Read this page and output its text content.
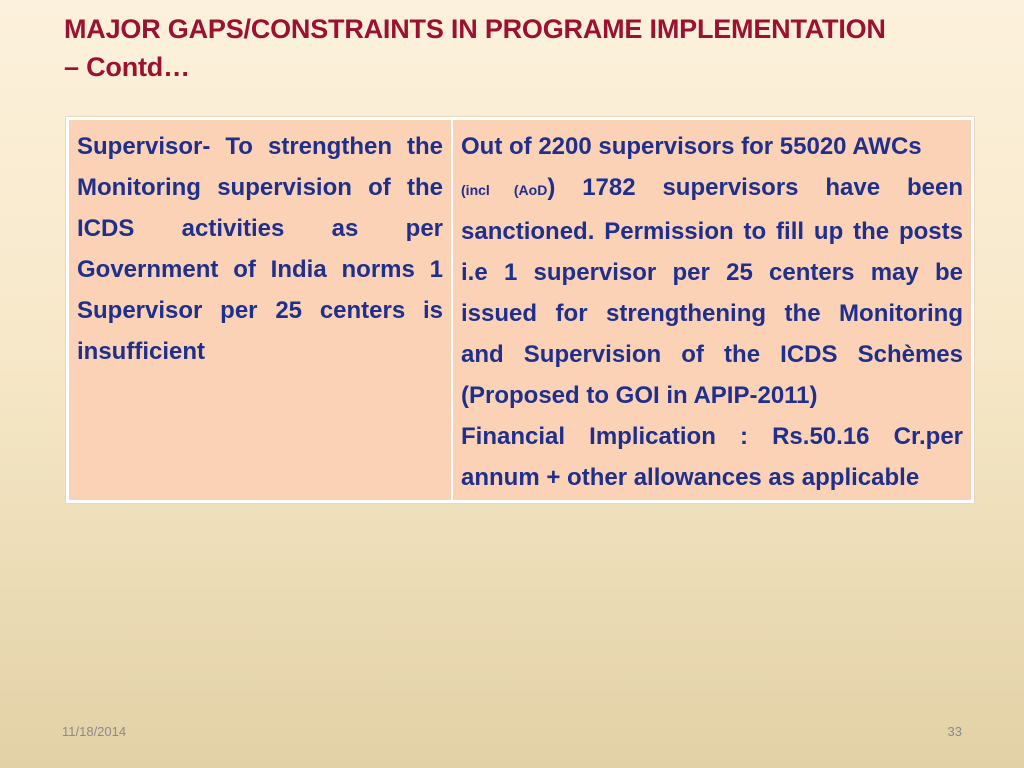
MAJOR GAPS/CONSTRAINTS IN PROGRAME IMPLEMENTATION
– Contd…

Supervisor- To strengthen the Monitoring supervision of the ICDS activities as per Government of India norms 1 Supervisor per 25 centers is insufficient

Out of 2200 supervisors for 55020 AWCs

(incl (AoD) 1782 supervisors have been sanctioned. Permission to fill up the posts i.e 1 supervisor per 25 centers may be issued for strengthening the Monitoring and Supervision of the ICDS Schèmes (Proposed to GOI in APIP-2011)

Financial Implication : Rs.50.16 Cr.per annum + other allowances as applicable

11/18/2014	33
